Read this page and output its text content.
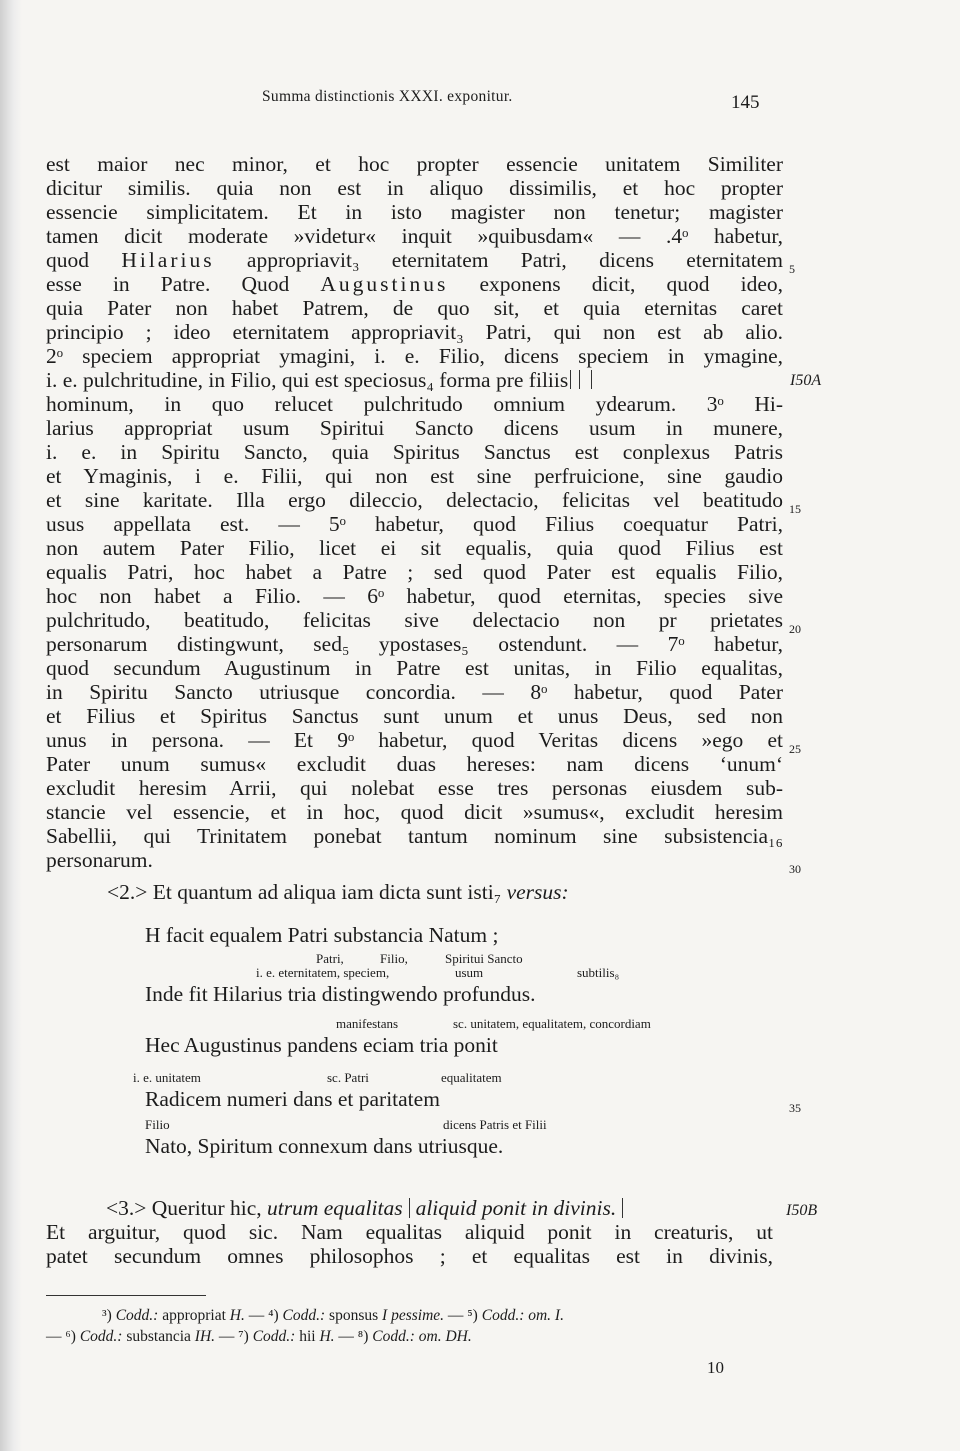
Summa distinctionis XXXI. exponitur.	145
est maior nec minor, et hoc propter essencie unitatem Similiter
dicitur similis. quia non est in aliquo dissimilis, et hoc propter
essencie simplicitatem. Et in isto magister non tenetur; magister
tamen dicit moderate »videtur« inquit »quibusdam« — .4ᵒ habetur,
quod Hilarius appropriavit₃ eternitatem Patri, dicens eternitatem 5
esse in Patre. Quod Augustinus exponens dicit, quod ideo,
quia Pater non habet Patrem, de quo sit, et quia eternitas caret
principio ; ideo eternitatem appropriavit₃ Patri, qui non est ab alio.
2ᵒ speciem appropriat ymagini, i. e. Filio, dicens speciem in ymagine,
i. e. pulchritudine, in Filio, qui est speciosus₄ forma pre filiis	I50A
hominum, in quo relucet pulchritudo omnium ydearum. 3ᵒ Hi-
larius appropriat usum Spiritui Sancto dicens usum in munere,
i. e. in Spiritu Sancto, quia Spiritus Sanctus est conplexus Patris
et Ymaginis, i e. Filii, qui non est sine perfruicione, sine gaudio
et sine karitate. Illa ergo dileccio, delectacio, felicitas vel beatitudo 15
usus appellata est. — 5ᵒ habetur, quod Filius coequatur Patri,
non autem Pater Filio, licet ei sit equalis, quia quod Filius est
equalis Patri, hoc habet a Patre ; sed quod Pater est equalis Filio,
hoc non habet a Filio. — 6ᵒ habetur, quod eternitas, species sive
pulchritudo, beatitudo, felicitas sive delectacio non pr prietates 20
personarum distingwunt, sed₅ ypostases₅ ostendunt. — 7ᵒ habetur,
quod secundum Augustinum in Patre est unitas, in Filio equalitas,
in Spiritu Sancto utriusque concordia. — 8ᵒ habetur, quod Pater
et Filius et Spiritus Sanctus sunt unum et unus Deus, sed non
unus in persona. — Et 9ᵒ habetur, quod Veritas dicens »ego et 25
Pater unum sumus« excludit duas hereses: nam dicens ‘unum‘
excludit heresim Arrii, qui nolebat esse tres personas eiusdem sub-
stancie vel essencie, et in hoc, quod dicit »sumus«, excludit heresim
Sabellii, qui Trinitatem ponebat tantum nominum sine subsistencia₁₆
personarum.	30
<2.> Et quantum ad aliqua iam dicta sunt isti₇ versus:
H facit equalem Patri substancia Natum ;
Patri,	Filio,	Spiritui Sancto
i. e. eternitatem, speciem,	usum	subtilis₈
Inde fit Hilarius tria distingwendo profundus.
manifestans	sc. unitatem, equalitatem, concordiam
Hec Augustinus pandens eciam tria ponit
i. e. unitatem	sc. Patri	equalitatem
Radicem numeri dans et paritatem	35
Filio	dicens Patris et Filii
Nato, Spiritum connexum dans utriusque.
<3.> Queritur hic, utrum equalitas aliquid ponit in divinis.	I50B
Et arguitur, quod sic. Nam equalitas aliquid ponit in creaturis, ut
patet secundum omnes philosophos ; et equalitas est in divinis,
³) Codd.: appropriat H. — ⁴) Codd.: sponsus I pessime. — ⁵) Codd.: om. I.
— ⁶) Codd.: substancia IH. — ⁷) Codd.: hii H. — ⁸) Codd.: om. DH.
10
